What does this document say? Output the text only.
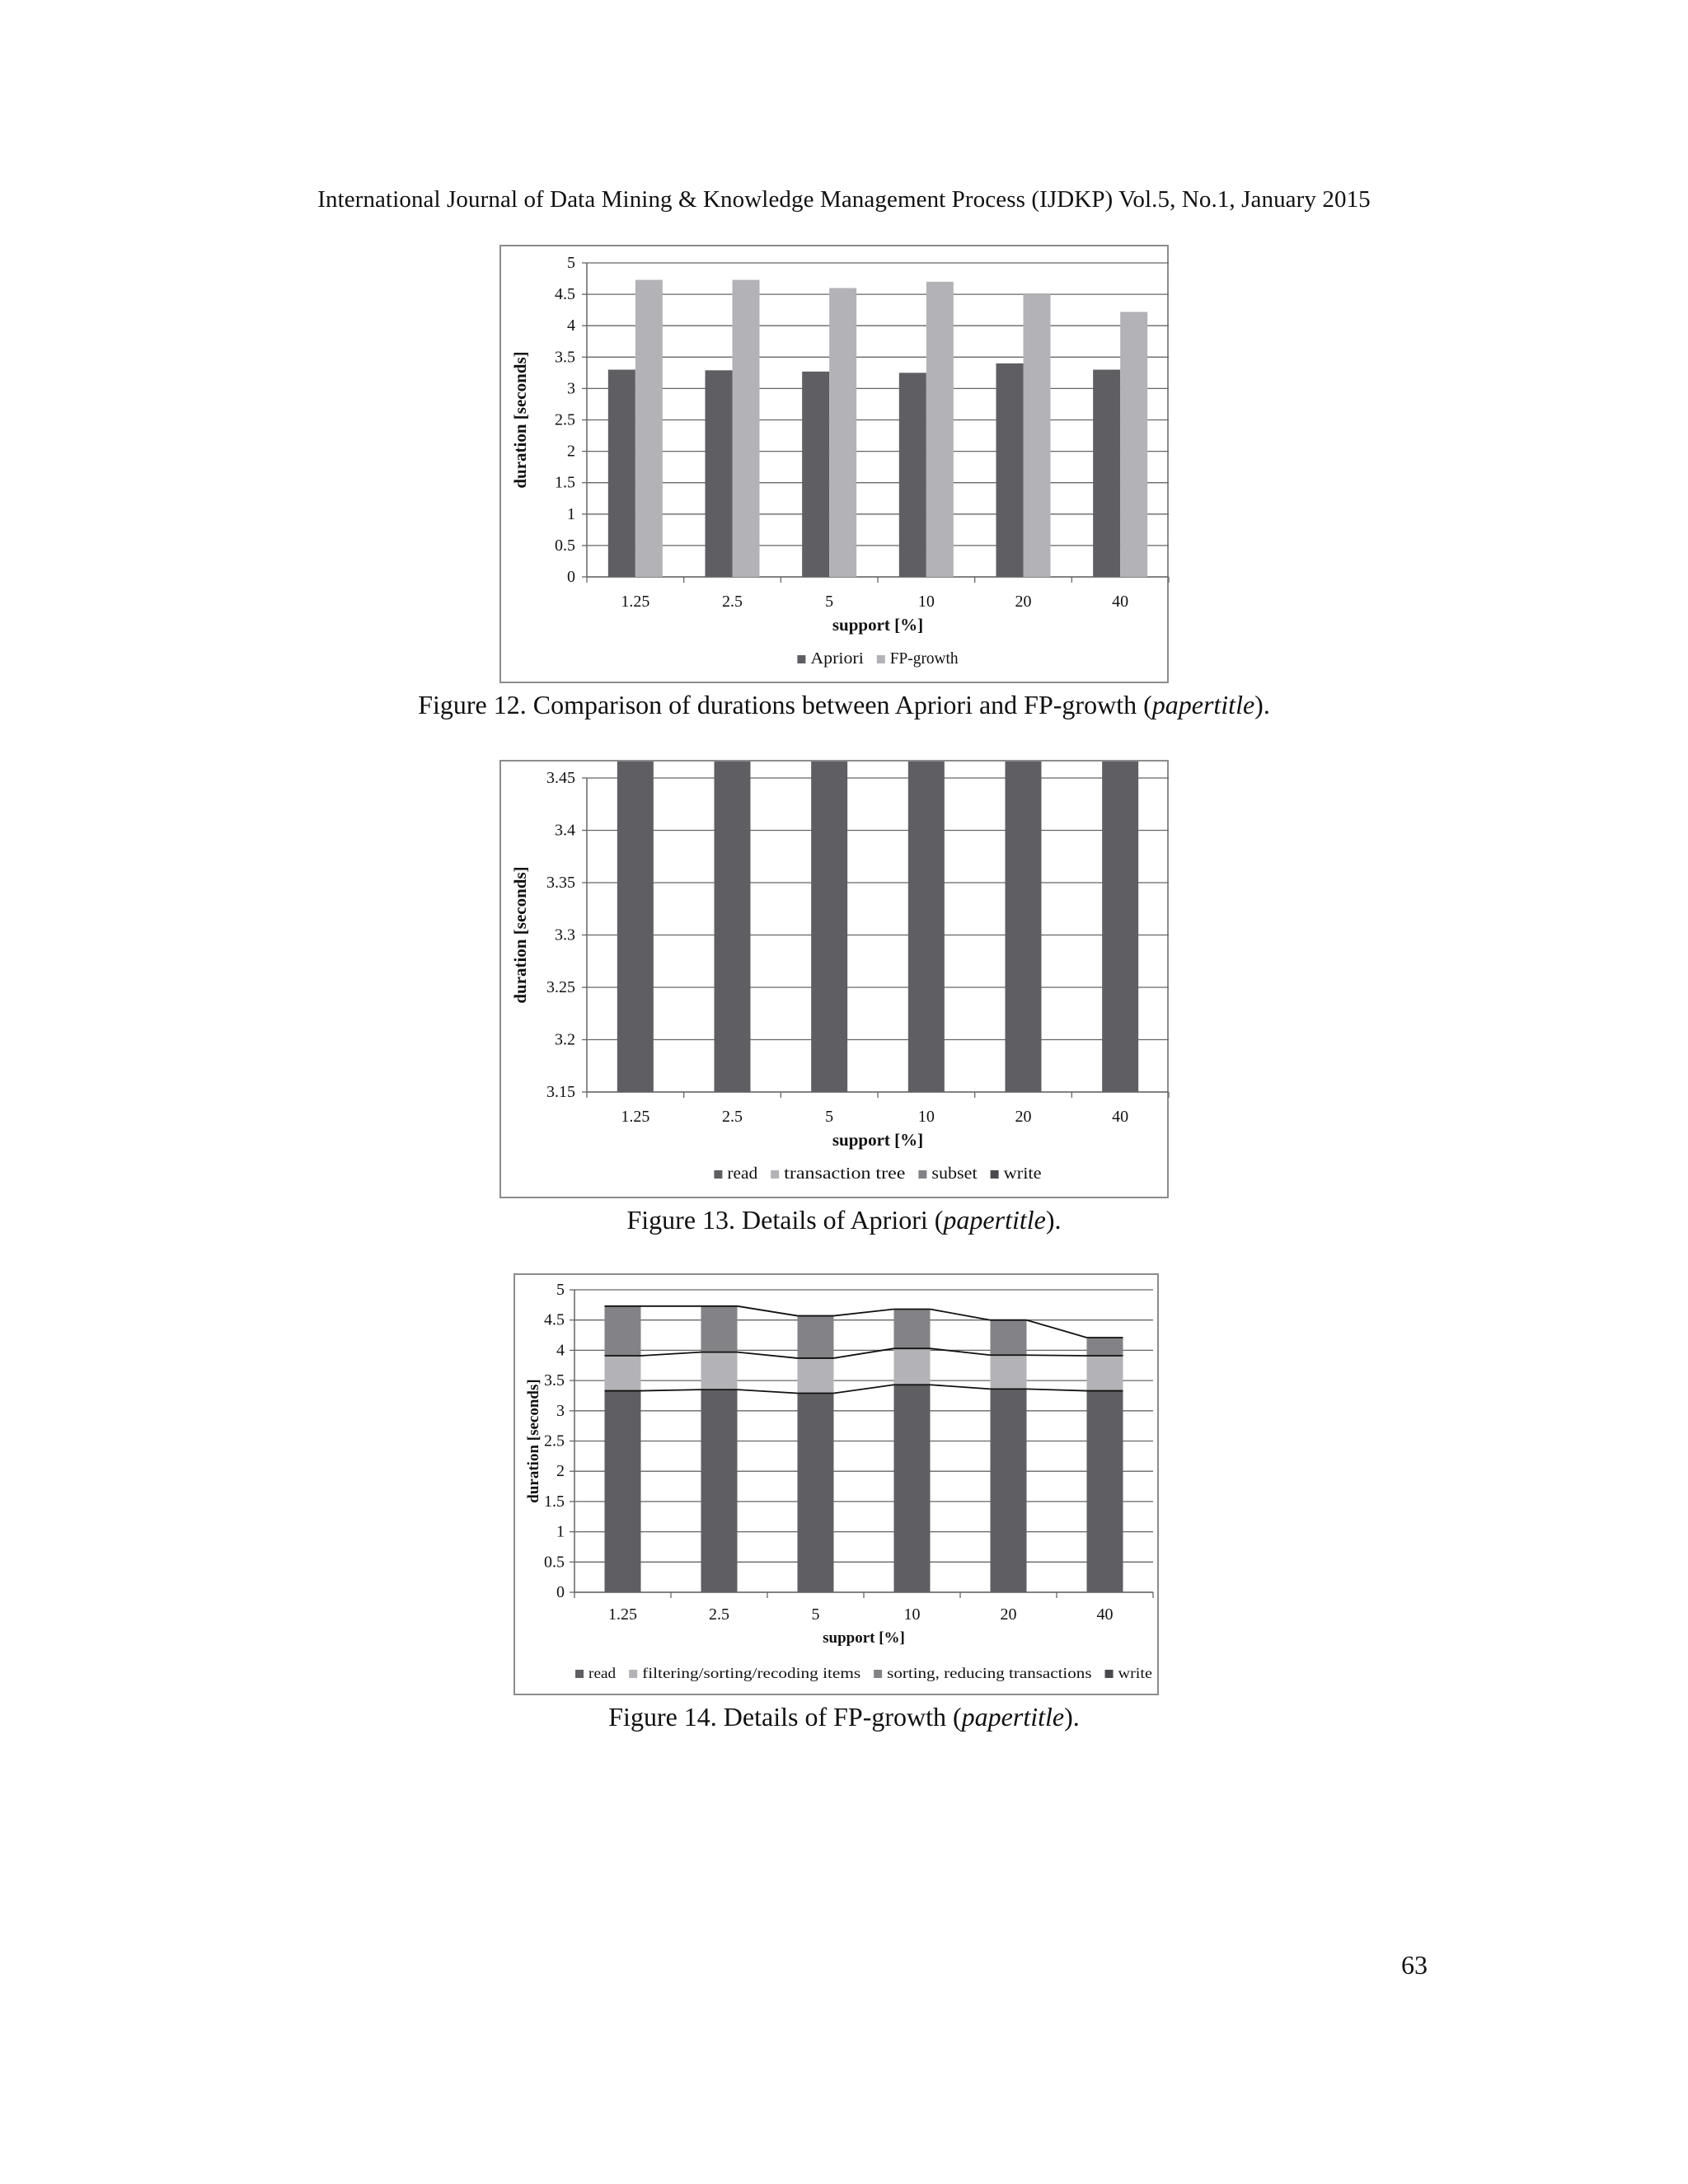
International Journal of Data Mining & Knowledge Management Process (IJDKP) Vol.5, No.1, January 2015
0
0.5
1
1.5
2
2.5
3
3.5
4
4.5
5
1.25	2.5	5	10	20	40
support [%]
duration [seconds]
Apriori FP-growth
Figure 12. Comparison of durations between Apriori and FP-growth (papertitle).
3.15
3.2
3.25
3.3
3.35
3.4
3.45
1.25	2.5	5	10	20	40
support [%]
duration [seconds]
read transaction tree subset write
Figure 13. Details of Apriori (papertitle).
0
0.5
1
1.5
2
2.5
3
3.5
4
4.5
5
1.25	2.5	5	10	20	40
support [%]
duration [seconds]
read filtering/sorting/recoding items sorting, reducing transactions write
Figure 14. Details of FP-growth (papertitle).
63
